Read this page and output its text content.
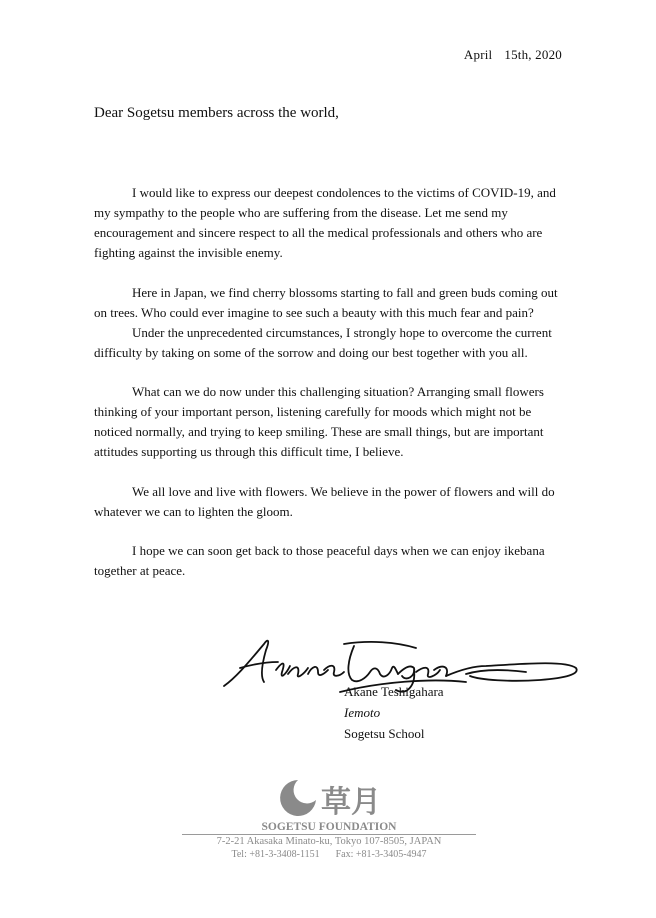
April 15th, 2020
Dear Sogetsu members across the world,

I would like to express our deepest condolences to the victims of COVID-19, and my sympathy to the people who are suffering from the disease. Let me send my encouragement and sincere respect to all the medical professionals and others who are fighting against the invisible enemy.

Here in Japan, we find cherry blossoms starting to fall and green buds coming out on trees. Who could ever imagine to see such a beauty with this much fear and pain?

Under the unprecedented circumstances, I strongly hope to overcome the current difficulty by taking on some of the sorrow and doing our best together with you all.

What can we do now under this challenging situation? Arranging small flowers thinking of your important person, listening carefully for moods which might not be noticed normally, and trying to keep smiling. These are small things, but are important attitudes supporting us through this difficult time, I believe.

We all love and live with flowers. We believe in the power of flowers and will do whatever we can to lighten the gloom.

I hope we can soon get back to those peaceful days when we can enjoy ikebana together at peace.

Akane Teshigahara
Iemoto
Sogetsu School
草月
SOGETSU FOUNDATION
7-2-21 Akasaka Minato-ku, Tokyo 107-8505, JAPAN
Tel: +81-3-3408-1151 Fax: +81-3-3405-4947
